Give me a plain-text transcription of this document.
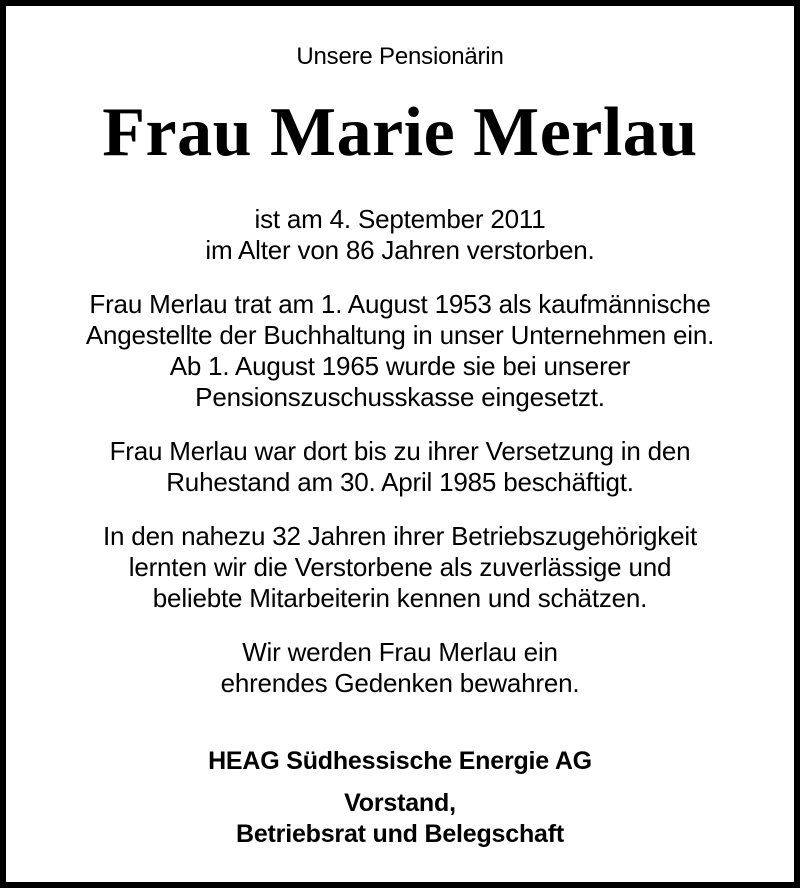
Unsere Pensionärin

Frau Marie Merlau

ist am 4. September 2011

im Alter von 86 Jahren verstorben.

Frau Merlau trat am 1. August 1953 als kaufmännische

Angestellte der Buchhaltung in unser Unternehmen ein.

Ab 1. August 1965 wurde sie bei unserer

Pensionszuschusskasse eingesetzt.

Frau Merlau war dort bis zu ihrer Versetzung in den

Ruhestand am 30. April 1985 beschäftigt.

In den nahezu 32 Jahren ihrer Betriebszugehörigkeit

lernten wir die Verstorbene als zuverlässige und

beliebte Mitarbeiterin kennen und schätzen.

Wir werden Frau Merlau ein

ehrendes Gedenken bewahren.

HEAG Südhessische Energie AG

Vorstand,

Betriebsrat und Belegschaft
